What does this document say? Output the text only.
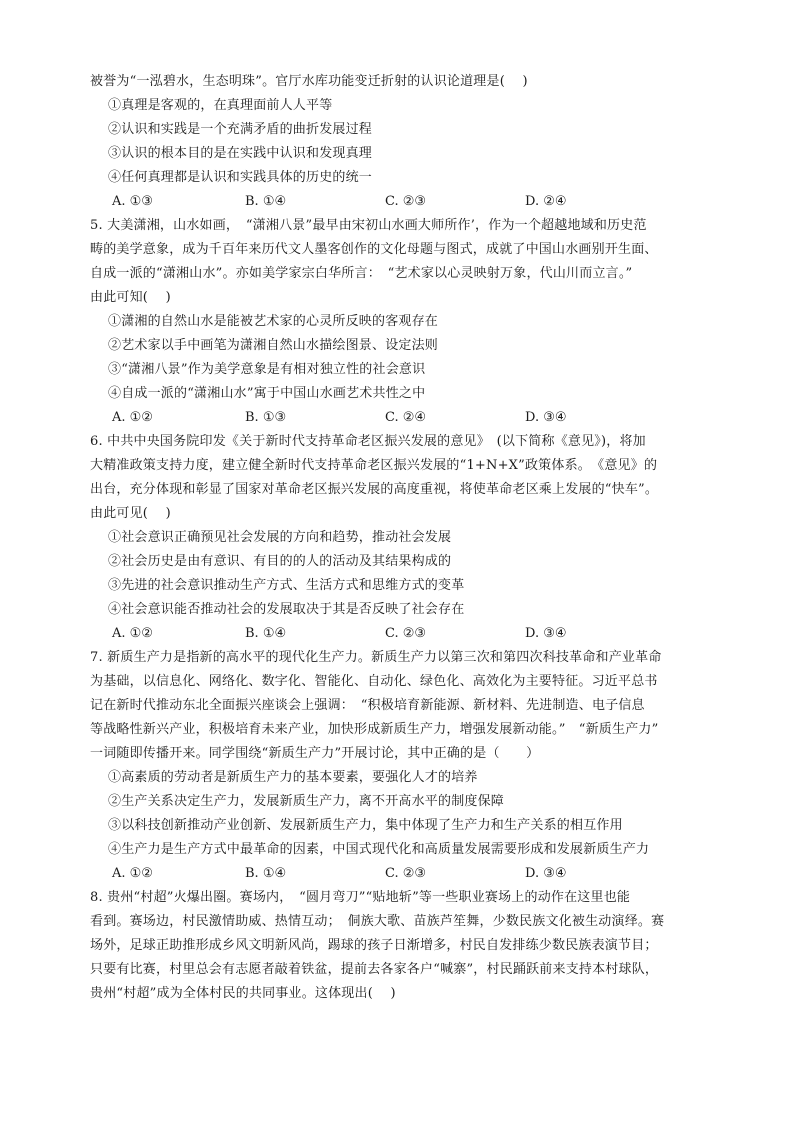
被誉为“一泓碧水，生态明珠”。官厅水库功能变迁折射的认识论道理是(　 )
①真理是客观的，在真理面前人人平等
②认识和实践是一个充满矛盾的曲折发展过程
③认识的根本目的是在实践中认识和发现真理
④任何真理都是认识和实践具体的历史的统一
A. ①③	B. ①④	C. ②③	D. ②④
5. 大美潇湘，山水如画，　“潇湘八景”最早由宋初山水画大师所作’，作为一个超越地域和历史范
畴的美学意象，成为千百年来历代文人墨客创作的文化母题与图式，成就了中国山水画别开生面、
自成一派的“潇湘山水”。亦如美学家宗白华所言：　“艺术家以心灵映射万象，代山川而立言。”
由此可知(　 )
①潇湘的自然山水是能被艺术家的心灵所反映的客观存在
②艺术家以手中画笔为潇湘自然山水描绘图景、设定法则
③“潇湘八景”作为美学意象是有相对独立性的社会意识
④自成一派的“潇湘山水”寓于中国山水画艺术共性之中
A. ①②	B. ①③	C. ②④	D. ③④
6. 中共中央国务院印发《关于新时代支持革命老区振兴发展的意见》　(以下简称《意见》)，将加
大精准政策支持力度，建立健全新时代支持革命老区振兴发展的“1+N+X”政策体系。　《意见》的
出台，充分体现和彰显了国家对革命老区振兴发展的高度重视，将使革命老区乘上发展的“快车”。
由此可见(　 )
①社会意识正确预见社会发展的方向和趋势，推动社会发展
②社会历史是由有意识、有目的的人的活动及其结果构成的
③先进的社会意识推动生产方式、生活方式和思维方式的变革
④社会意识能否推动社会的发展取决于其是否反映了社会存在
A. ①②	B. ①④	C. ②③	D. ③④
7. 新质生产力是指新的高水平的现代化生产力。新质生产力以第三次和第四次科技革命和产业革命
为基础，以信息化、网络化、数字化、智能化、自动化、绿色化、高效化为主要特征。习近平总书
记在新时代推动东北全面振兴座谈会上强调：　“积极培育新能源、新材料、先进制造、电子信息
等战略性新兴产业，积极培育未来产业，加快形成新质生产力，增强发展新动能。”　“新质生产力”
一词随即传播开来。同学围绕“新质生产力”开展讨论，其中正确的是（　　）
①高素质的劳动者是新质生产力的基本要素，要强化人才的培养
②生产关系决定生产力，发展新质生产力，离不开高水平的制度保障
③以科技创新推动产业创新、发展新质生产力，集中体现了生产力和生产关系的相互作用
④生产力是生产方式中最革命的因素，中国式现代化和高质量发展需要形成和发展新质生产力
A. ①②	B. ①④	C. ②③	D. ③④
8. 贵州“村超”火爆出圈。赛场内，　“圆月弯刀”“贴地斩”等一些职业赛场上的动作在这里也能
看到。赛场边，村民激情助威、热情互动；　侗族大歌、苗族芦笙舞，少数民族文化被生动演绎。赛
场外，足球正助推形成乡风文明新风尚，踢球的孩子日渐增多，村民自发排练少数民族表演节目；
只要有比赛，村里总会有志愿者敲着铁盆，提前去各家各户“喊寨”，村民踊跃前来支持本村球队，
贵州“村超”成为全体村民的共同事业。这体现出(　 )
